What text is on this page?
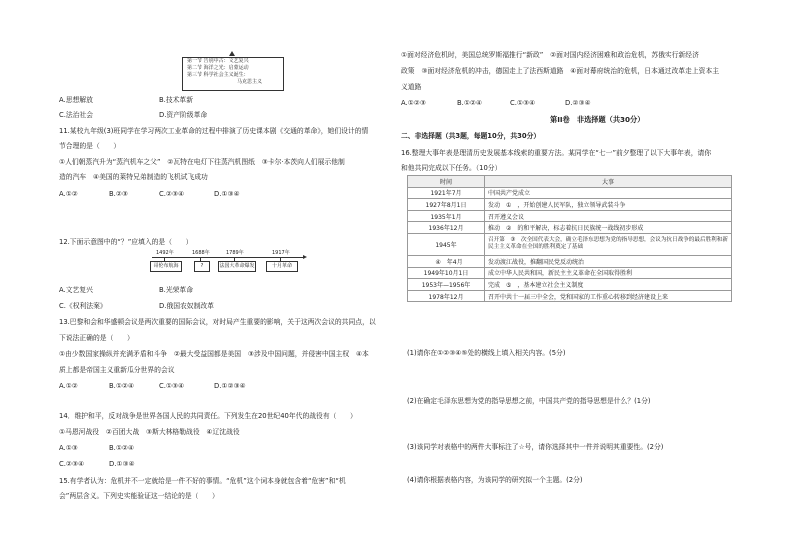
第一节 告别中古：文艺复兴
第二节 海洋之光：启蒙运动
第三节 科学社会主义诞生：
马克思主义
A.思想解放	B.技术革新
C.法治社会	D.资产阶级革命
11.某校九年级(3)班同学在学习两次工业革命的过程中排演了历史课本剧《交通的革命》，她们设计的情
节合理的是（　　）
①人们朝蒸汽升为“蒸汽机车之父”　②瓦特在电灯下往蒸汽机图纸　③卡尔·本茨向人们展示他制
造的汽车　④美国的莱特兄弟制造的飞机试飞成功
A.①②	B.②③	C.②③④	D.①③④
12.下面示意图中的“？”应填入的是（　　）
1492年	1688年	1789年	1917年
哥伦布航海	?	法国大革命爆发	十月革命
A.文艺复兴	B.光荣革命
C.《权利法案》	D.俄国农奴制改革
13.巴黎和会和华盛顿会议是两次重要的国际会议，对时局产生重要的影响，关于这两次会议的共同点，以
下说法正确的是（　　）
①由少数国家操纵并充满矛盾和斗争　②最大受益国都是美国　③涉及中国问题，并侵害中国主权　④本
质上都是帝国主义重新瓜分世界的会议
A.①②	B.①②④	C.①③④	D.①②③④
14．维护和平，反对战争是世界各国人民的共同责任。下列发生在20世纪40年代的战役有（　　）
①马恩河战役　②百团大战　③斯大林格勒战役　④辽沈战役
A.①③	B.①②④
C.②③④	D.①③④
15.有学者认为：危机并不一定就给是一件不好的事情。“危机”这个词本身就包含着“危害”和“机
会”两层含义。下列史实能验证这一结论的是（　　）
①面对经济危机时，美国总统罗斯福推行“新政”　②面对国内经济困难和政治危机，苏俄实行新经济
政策　③面对经济危机的冲击，德国走上了法西斯道路　④面对幕府统治的危机，日本通过改革走上资本主
义道路
A.①②③	B.①②④	C.①③④	D.②③④
第II卷　非选择题（共30分）
二、非选择题（共3题，每题10分，共30分）
16.整理大事年表是理清历史发展基本线索的重要方法。某同学在“七一”前夕整理了以下大事年表，请你
和他共同完成以下任务。（10分）
时间	大事
1921年7月	中国共产党成立
1927年8月1日	发动　①　，开始创建人民军队，独立领导武装斗争
1935年1月	召开遵义会议
1936年12月	推动　②　的和平解决，标志着抗日民族统一战线初步形成
1945年	召开第　③　次全国代表大会，确立毛泽东思想为党的指导思想，会议为抗日战争的最后胜利和新民主主义革命在全国的胜利奠定了基础
　④　年4月	发动渡江战役，推翻国民党反动统治
1949年10月1日	成立中华人民共和国，新民主主义革命在全国取得胜利
1953年—1956年	完成　⑤　，基本建立社会主义制度
1978年12月	召开中共十一届三中全会，党和国家的工作重心转移到经济建设上来
(1)请你在①②③④⑤处的横线上填入相关内容。(5分)
(2)在确定毛泽东思想为党的指导思想之前，中国共产党的指导思想是什么？(1分)
(3)该同学对表格中的两件大事标注了☆号，请你选择其中一件并说明其重要性。(2分)
(4)请你根据表格内容，为该同学的研究拟一个主题。(2分)
